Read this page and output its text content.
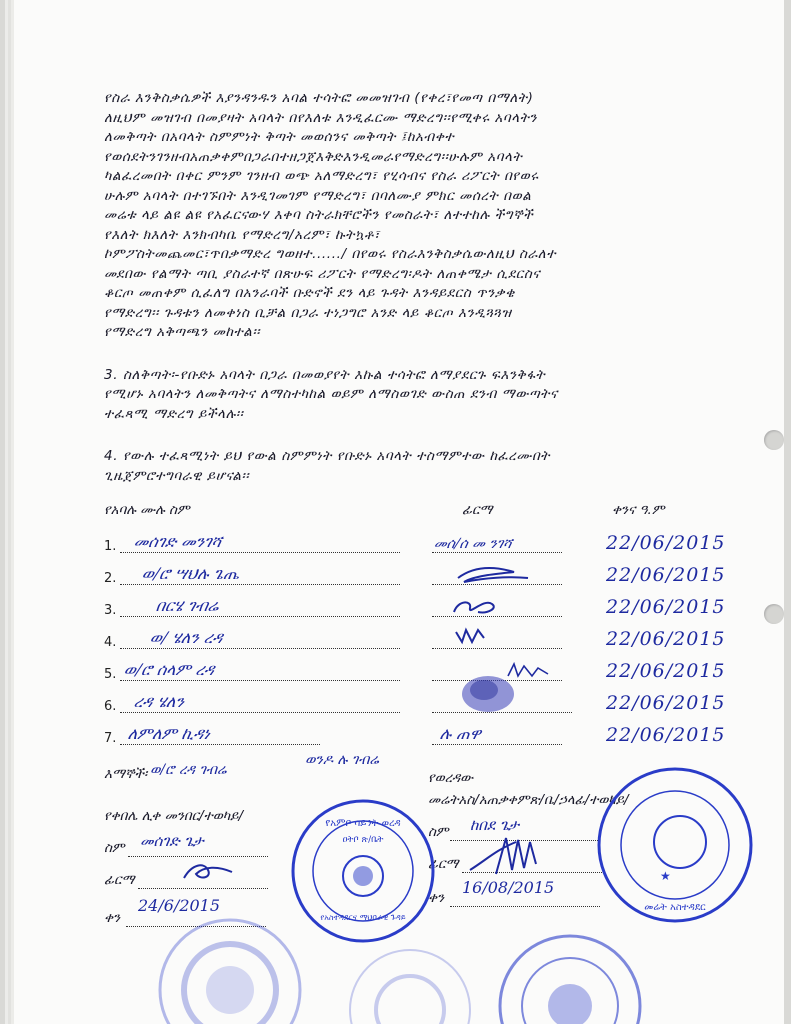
የስራ እንቅስቃሴዎች እያንዳንዱን አባል ተሳትፎ መመዝገብ (የቀረ፣የመጣ በማለት)
ለዚህም መዝገብ በመያዛት አባላት በየእለቱ እንዲፈርሙ ማድረግ፡፡የሚቀሩ አባላትን
ለመቅጣት በአባላት ስምምነት ቅጣት መወሰንና መቅጣት ፤ከአብቀተ
የወሰደትንገንዘብአጠቃቀምበጋራበተዘጋጀእቅድእንዲመራየማድረግ፡፡ሁሉም አባላት
ካልፈረመበት በቀር ምንም ገንዘብ ወጭ አለማድረግ፣ የሂሳብና የስራ ሪፖርት በየወሩ
ሁሉም አባላት በተገኙበት እንዲገመገም የማድረግ፣ በባለሙያ ምክር መሰረት በወል
መሬቱ ላይ ልዩ ልዩ የአፈርናውሃ እቀባ ስትራክቸሮችን የመስራት፣ ለተተከሉ ችግኞች
የእለት ክእለት እንክብካቤ የማድረግ/አረም፣ ኩትኳቶ፣
ኮምፖስትመጨመር፣ጥበቃማድረ ግወዘተ....../ በየወሩ የስራእንቅስቃሴውለዚህ ስራለተ
መደበው የልማት ጣቢ ያስራተኛ በጽሁፍ ሪፖርት የማድረግ፡ዶት ለጠቀሜታ ሲደርስና
ቆርጦ መጠቀም ሲፈለግ በአንራባች ቡድኖች ደን ላይ ጉዳት እንዳይደርስ ጥንቃቄ
የማድረግ፡፡ ጉዳቱን ለመቀነስ ቢቻል በጋራ ተነጋግሮ አንድ ላይ ቆርጦ እንዲጓጓዝ
የማድረግ አቅጣጫን መከተል፡፡
3. ስለቅጣት፡-የቡድኑ አባላት በጋራ በመወያየት እኩል ተሳትፎ ለማያደርጉ ፍእንቅፋት
የሚሆኑ አባላትን ለመቅጣትና ለማስተካከል ወይም ለማስወገድ ውስጠ ደንብ ማውጣትና
ተፈጻሚ ማድረግ ይችላሉ፡፡
4. የውሉ ተፈጻሚነት ይህ የውል ስምምነት የቡድኑ አባላት ተስማምተው ከፈረሙበት
ጊዜጀምሮተግባራዊ ይሆናል፡፡
የአባሉ ሙሉ ስም	ፊርማ	ቀንና ዓ.ም
1. መሰገድ መንገሻ	መሰ/ሰ መ ንገሻ	22/06/2015
2. ወ/ሮ ሣህሉ ጌጤ	22/06/2015
3. በርሄ ገብሬ	22/06/2015
4. ወ/ ሄለን ረዳ	22/06/2015
5. ወ/ሮ ሰላም ረዳ	22/06/2015
6. ረዳ ሄለን	22/06/2015
7. ለምለም ኪዳነ	ሉ ጠዋ	22/06/2015
እማኞች፡ ወ/ሮ ረዳ ገብሬ
ወንዶ ሉ ገብሬ
የቀበሌ ሊቀ መንበር/ተወካይ/
ስም መሰገድ ጌታ
ፊርማ
ቀን
24/6/2015
የወረዳው
መሬትአስ/አጠቃቀምጽ/ቤ/ኃላፊ/ተወካይ/
ስም ከበደ ጌታ
ፊርማ
ቀን
16/08/2015
የአምቦ ሳይንት ወረዳ
ዐትቦ ጽ/ቤት
የአስተዳደርና ማህበራዊ ጉዳይ
መሬት አስተዳደር
★
